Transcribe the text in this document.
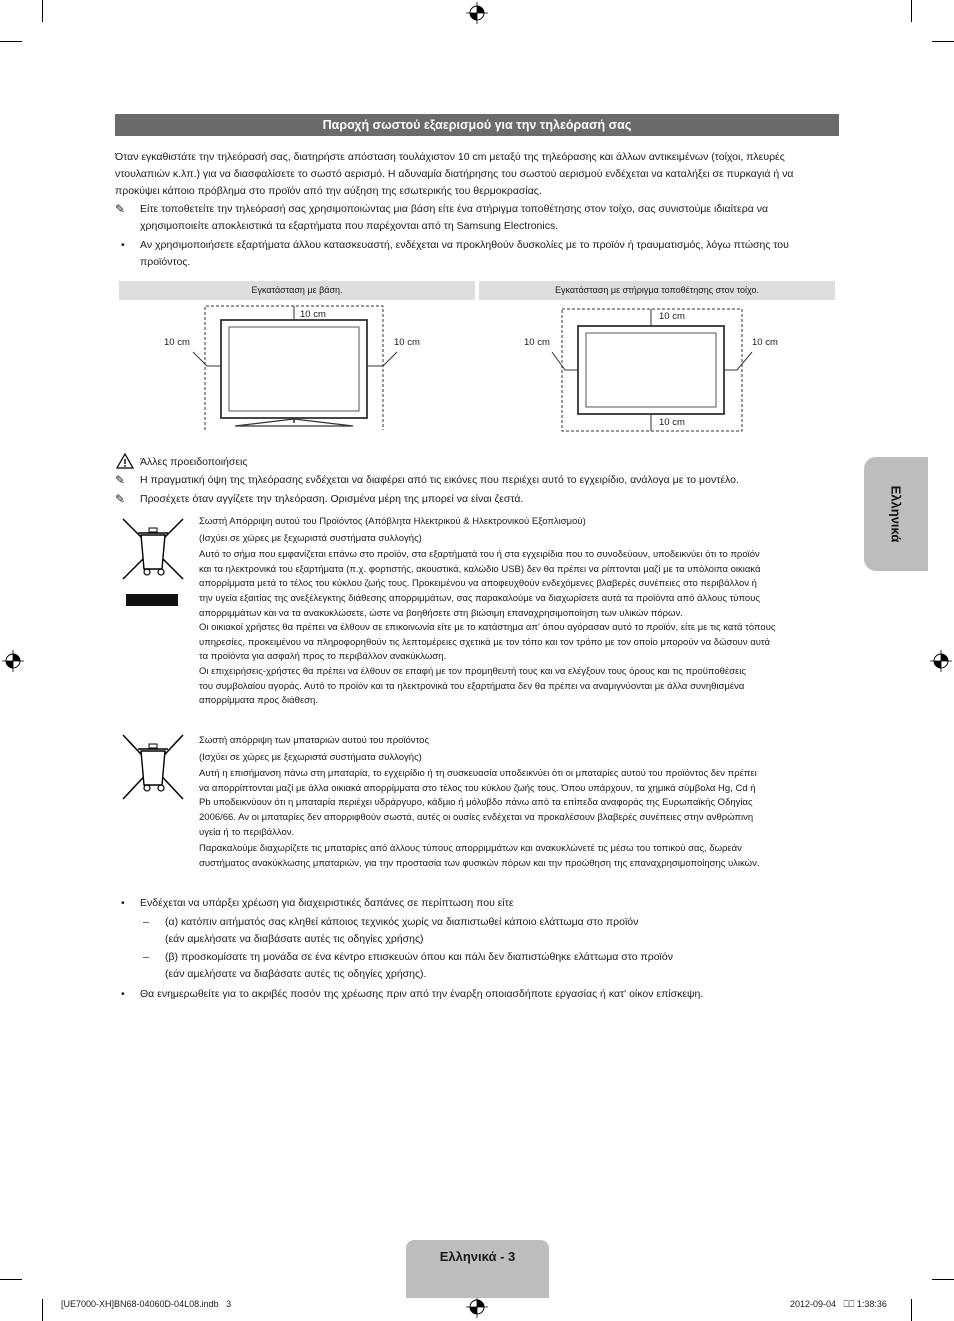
Παροχή σωστού εξαερισμού για την τηλεόρασή σας
Όταν εγκαθιστάτε την τηλεόρασή σας, διατηρήστε απόσταση τουλάχιστον 10 cm μεταξύ της τηλεόρασης και άλλων αντικειμένων (τοίχοι, πλευρές
ντουλαπιών κ.λπ.) για να διασφαλίσετε το σωστό αερισμό. Η αδυναμία διατήρησης του σωστού αερισμού ενδέχεται να καταλήξει σε πυρκαγιά ή να
προκύψει κάποιο πρόβλημα στο προϊόν από την αύξηση της εσωτερικής του θερμοκρασίας.
✎	Είτε τοποθετείτε την τηλεόρασή σας χρησιμοποιώντας μια βάση είτε ένα στήριγμα τοποθέτησης στον τοίχο, σας συνιστούμε ιδιαίτερα να
χρησιμοποιείτε αποκλειστικά τα εξαρτήματα που παρέχονται από τη Samsung Electronics.
• Αν χρησιμοποιήσετε εξαρτήματα άλλου κατασκευαστή, ενδέχεται να προκληθούν δυσκολίες με το προϊόν ή τραυματισμός, λόγω πτώσης του
προϊόντος.
Εγκατάσταση με βάση.	Εγκατάσταση με στήριγμα τοποθέτησης στον τοίχο.
10 cm
10 cm	10 cm
10 cm
10 cm	10 cm
10 cm
Άλλες προειδοποιήσεις
✎	Η πραγματική όψη της τηλεόρασης ενδέχεται να διαφέρει από τις εικόνες που περιέχει αυτό το εγχειρίδιο, ανάλογα με το μοντέλο.
✎	Προσέχετε όταν αγγίζετε την τηλεόραση. Ορισμένα μέρη της μπορεί να είναι ζεστά.
Σωστή Απόρριψη αυτού του Προϊόντος (Απόβλητα Ηλεκτρικού & Ηλεκτρονικού Εξοπλισμού)
(Ισχύει σε χώρες με ξεχωριστά συστήματα συλλογής)
Αυτό το σήμα που εμφανίζεται επάνω στο προϊόν, στα εξαρτήματά του ή στα εγχειρίδια που το συνοδεύουν, υποδεικνύει ότι το προϊόν
και τα ηλεκτρονικά του εξαρτήματα (π.χ. φορτιστής, ακουστικά, καλώδιο USB) δεν θα πρέπει να ρίπτονται μαζί με τα υπόλοιπα οικιακά
απορρίμματα μετά το τέλος του κύκλου ζωής τους. Προκειμένου να αποφευχθούν ενδεχόμενες βλαβερές συνέπειες στο περιβάλλον ή
την υγεία εξαιτίας της ανεξέλεγκτης διάθεσης απορριμμάτων, σας παρακαλούμε να διαχωρίσετε αυτά τα προϊόντα από άλλους τύπους
απορριμμάτων και να τα ανακυκλώσετε, ώστε να βοηθήσετε στη βιώσιμη επαναχρησιμοποίηση των υλικών πόρων.
Οι οικιακοί χρήστες θα πρέπει να έλθουν σε επικοινωνία είτε με το κατάστημα απ' όπου αγόρασαν αυτό το προϊόν, είτε με τις κατά τόπους
υπηρεσίες, προκειμένου να πληροφορηθούν τις λεπτομέρειες σχετικά με τον τόπο και τον τρόπο με τον οποίο μπορούν να δώσουν αυτά
τα προϊόντα για ασφαλή προς το περιβάλλον ανακύκλωση.
Οι επιχειρήσεις-χρήστες θα πρέπει να έλθουν σε επαφή με τον προμηθευτή τους και να ελέγξουν τους όρους και τις προϋποθέσεις
του συμβολαίου αγοράς. Αυτό το προϊόν και τα ηλεκτρονικά του εξαρτήματα δεν θα πρέπει να αναμιγνύονται με άλλα συνηθισμένα
απορρίμματα προς διάθεση.
Σωστή απόρριψη των μπαταριών αυτού του προϊόντος
(Ισχύει σε χώρες με ξεχωριστά συστήματα συλλογής)
Αυτή η επισήμανση πάνω στη μπαταρία, το εγχειρίδιο ή τη συσκευασία υποδεικνύει ότι οι μπαταρίες αυτού του προϊόντος δεν πρέπει
να απορρίπτονται μαζί με άλλα οικιακά απορρίμματα στο τέλος του κύκλου ζωής τους. Όπου υπάρχουν, τα χημικά σύμβολα Hg, Cd ή
Pb υποδεικνύουν ότι η μπαταρία περιέχει υδράργυρο, κάδμιο ή μόλυβδο πάνω από τα επίπεδα αναφοράς της Ευρωπαϊκής Οδηγίας
2006/66. Αν οι μπαταρίες δεν απορριφθούν σωστά, αυτές οι ουσίες ενδέχεται να προκαλέσουν βλαβερές συνέπειες στην ανθρώπινη
υγεία ή το περιβάλλον.
Παρακαλούμε διαχωρίζετε τις μπαταρίες από άλλους τύπους απορριμμάτων και ανακυκλώνετέ τις μέσω του τοπικού σας, δωρεάν
συστήματος ανακύκλωσης μπαταριών, για την προστασία των φυσικών πόρων και την προώθηση της επαναχρησιμοποίησης υλικών.
• Ενδέχεται να υπάρξει χρέωση για διαχειριστικές δαπάνες σε περίπτωση που είτε
– (α) κατόπιν αιτήματός σας κληθεί κάποιος τεχνικός χωρίς να διαπιστωθεί κάποιο ελάττωμα στο προϊόν
(εάν αμελήσατε να διαβάσατε αυτές τις οδηγίες χρήσης)
– (β) προσκομίσατε τη μονάδα σε ένα κέντρο επισκευών όπου και πάλι δεν διαπιστώθηκε ελάττωμα στο προϊόν
(εάν αμελήσατε να διαβάσατε αυτές τις οδηγίες χρήσης).
• Θα ενημερωθείτε για το ακριβές ποσόν της χρέωσης πριν από την έναρξη οποιασδήποτε εργασίας ή κατ' οίκον επίσκεψη.
Ελληνικά
Ελληνικά - 3
[UE7000-XH]BN68-04060D-04L08.indb   3	2012-09-04   ⎕⎕ 1:38:36
